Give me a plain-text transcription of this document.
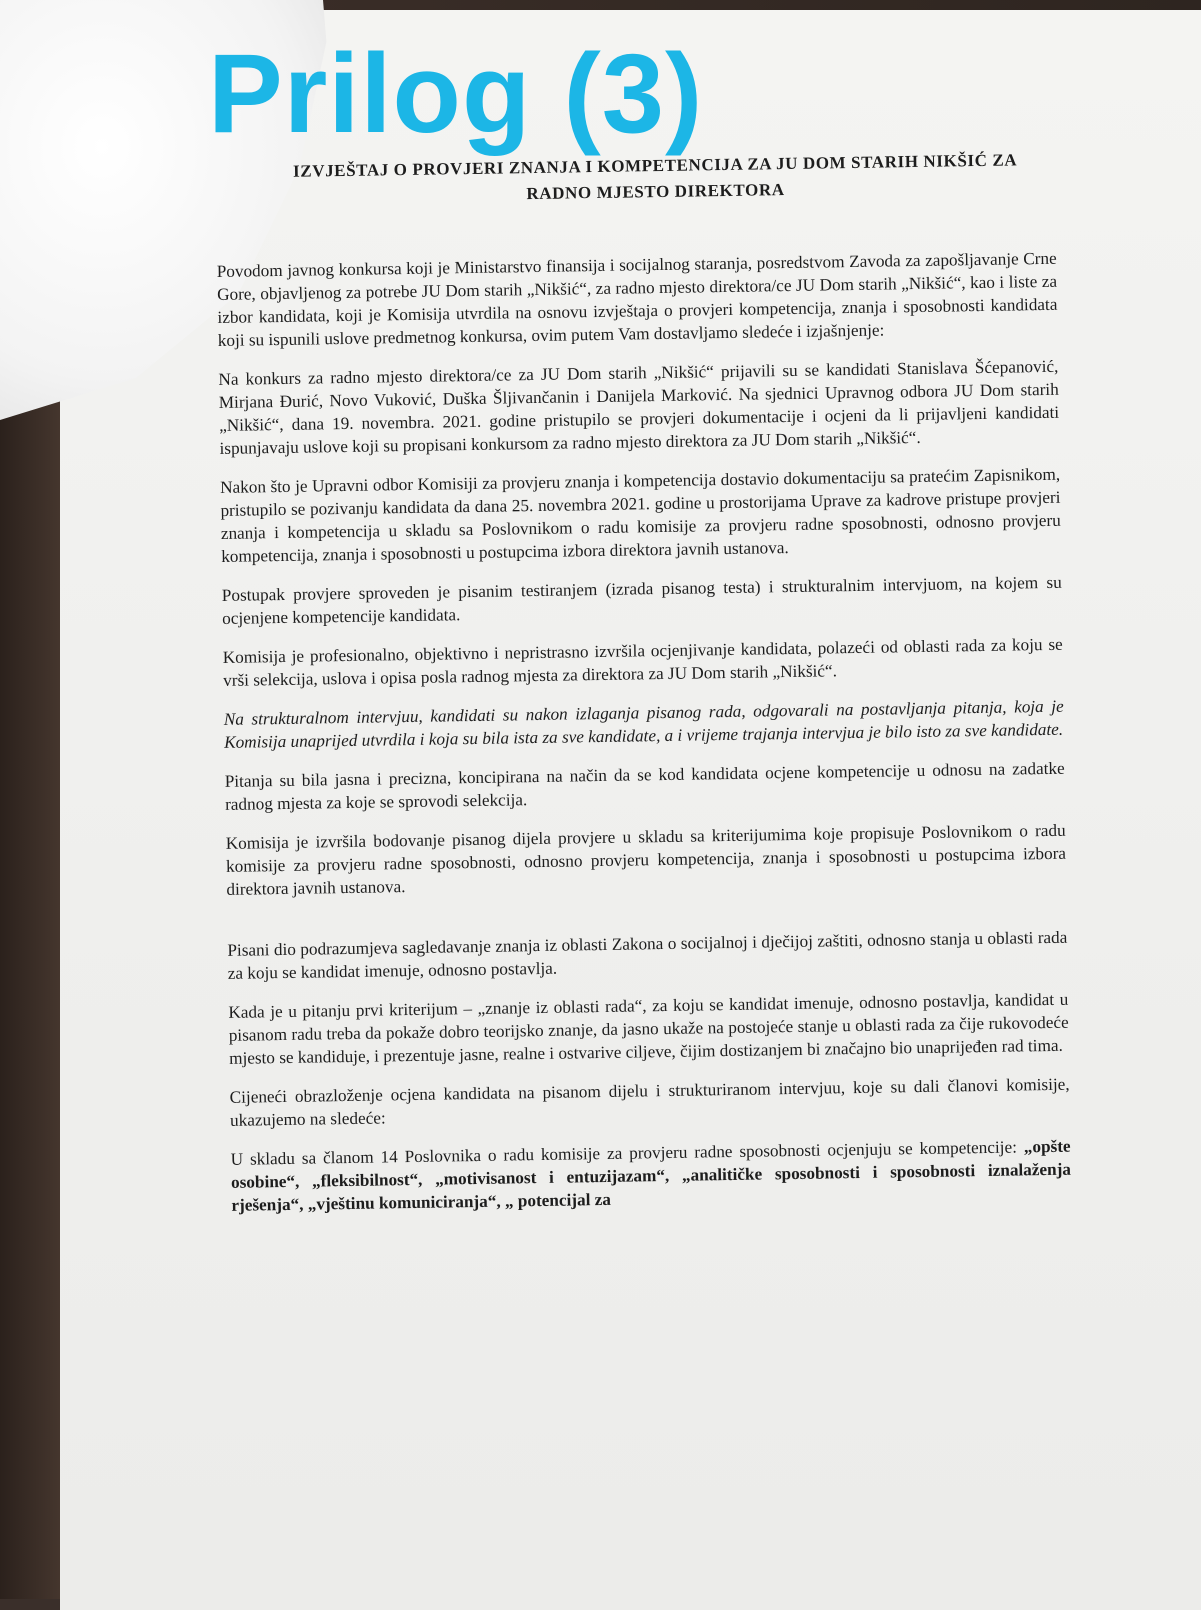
IZVJEŠTAJ O PROVJERI ZNANJA I KOMPETENCIJA ZA JU DOM STARIH NIKŠIĆ ZA
RADNO MJESTO DIREKTORA

Povodom javnog konkursa koji je Ministarstvo finansija i socijalnog staranja, posredstvom Zavoda za zapošljavanje Crne Gore, objavljenog za potrebe JU Dom starih „Nikšić“, za radno mjesto direktora/ce JU Dom starih „Nikšić“, kao i liste za izbor kandidata, koji je Komisija utvrdila na osnovu izvještaja o provjeri kompetencija, znanja i sposobnosti kandidata koji su ispunili uslove predmetnog konkursa, ovim putem Vam dostavljamo sledeće i izjašnjenje:

Na konkurs za radno mjesto direktora/ce za JU Dom starih „Nikšić“ prijavili su se kandidati Stanislava Šćepanović, Mirjana Đurić, Novo Vuković, Duška Šljivančanin i Danijela Marković. Na sjednici Upravnog odbora JU Dom starih „Nikšić“, dana 19. novembra. 2021. godine pristupilo se provjeri dokumentacije i ocjeni da li prijavljeni kandidati ispunjavaju uslove koji su propisani konkursom za radno mjesto direktora za JU Dom starih „Nikšić“.

Nakon što je Upravni odbor Komisiji za provjeru znanja i kompetencija dostavio dokumentaciju sa pratećim Zapisnikom, pristupilo se pozivanju kandidata da dana 25. novembra 2021. godine u prostorijama Uprave za kadrove pristupe provjeri znanja i kompetencija u skladu sa Poslovnikom o radu komisije za provjeru radne sposobnosti, odnosno provjeru kompetencija, znanja i sposobnosti u postupcima izbora direktora javnih ustanova.

Postupak provjere sproveden je pisanim testiranjem (izrada pisanog testa) i strukturalnim intervjuom, na kojem su ocjenjene kompetencije kandidata.

Komisija je profesionalno, objektivno i nepristrasno izvršila ocjenjivanje kandidata, polazeći od oblasti rada za koju se vrši selekcija, uslova i opisa posla radnog mjesta za direktora za JU Dom starih „Nikšić“.

Na strukturalnom intervjuu, kandidati su nakon izlaganja pisanog rada, odgovarali na postavljanja pitanja, koja je Komisija unaprijed utvrdila i koja su bila ista za sve kandidate, a i vrijeme trajanja intervjua je bilo isto za sve kandidate.

Pitanja su bila jasna i precizna, koncipirana na način da se kod kandidata ocjene kompetencije u odnosu na zadatke radnog mjesta za koje se sprovodi selekcija.

Komisija je izvršila bodovanje pisanog dijela provjere u skladu sa kriterijumima koje propisuje Poslovnikom o radu komisije za provjeru radne sposobnosti, odnosno provjeru kompetencija, znanja i sposobnosti u postupcima izbora direktora javnih ustanova.

Pisani dio podrazumjeva sagledavanje znanja iz oblasti Zakona o socijalnoj i dječijoj zaštiti, odnosno stanja u oblasti rada za koju se kandidat imenuje, odnosno postavlja.

Kada je u pitanju prvi kriterijum – „znanje iz oblasti rada“, za koju se kandidat imenuje, odnosno postavlja, kandidat u pisanom radu treba da pokaže dobro teorijsko znanje, da jasno ukaže na postojeće stanje u oblasti rada za čije rukovodeće mjesto se kandiduje, i prezentuje jasne, realne i ostvarive ciljeve, čijim dostizanjem bi značajno bio unaprijeđen rad tima.

Cijeneći obrazloženje ocjena kandidata na pisanom dijelu i strukturiranom intervjuu, koje su dali članovi komisije, ukazujemo na sledeće:

U skladu sa članom 14 Poslovnika o radu komisije za provjeru radne sposobnosti ocjenjuju se kompetencije: „opšte osobine“, „fleksibilnost“, „motivisanost i entuzijazam“, „analitičke sposobnosti i sposobnosti iznalaženja rješenja“, „vještinu komuniciranja“, „ potencijal za

Prilog (3)
